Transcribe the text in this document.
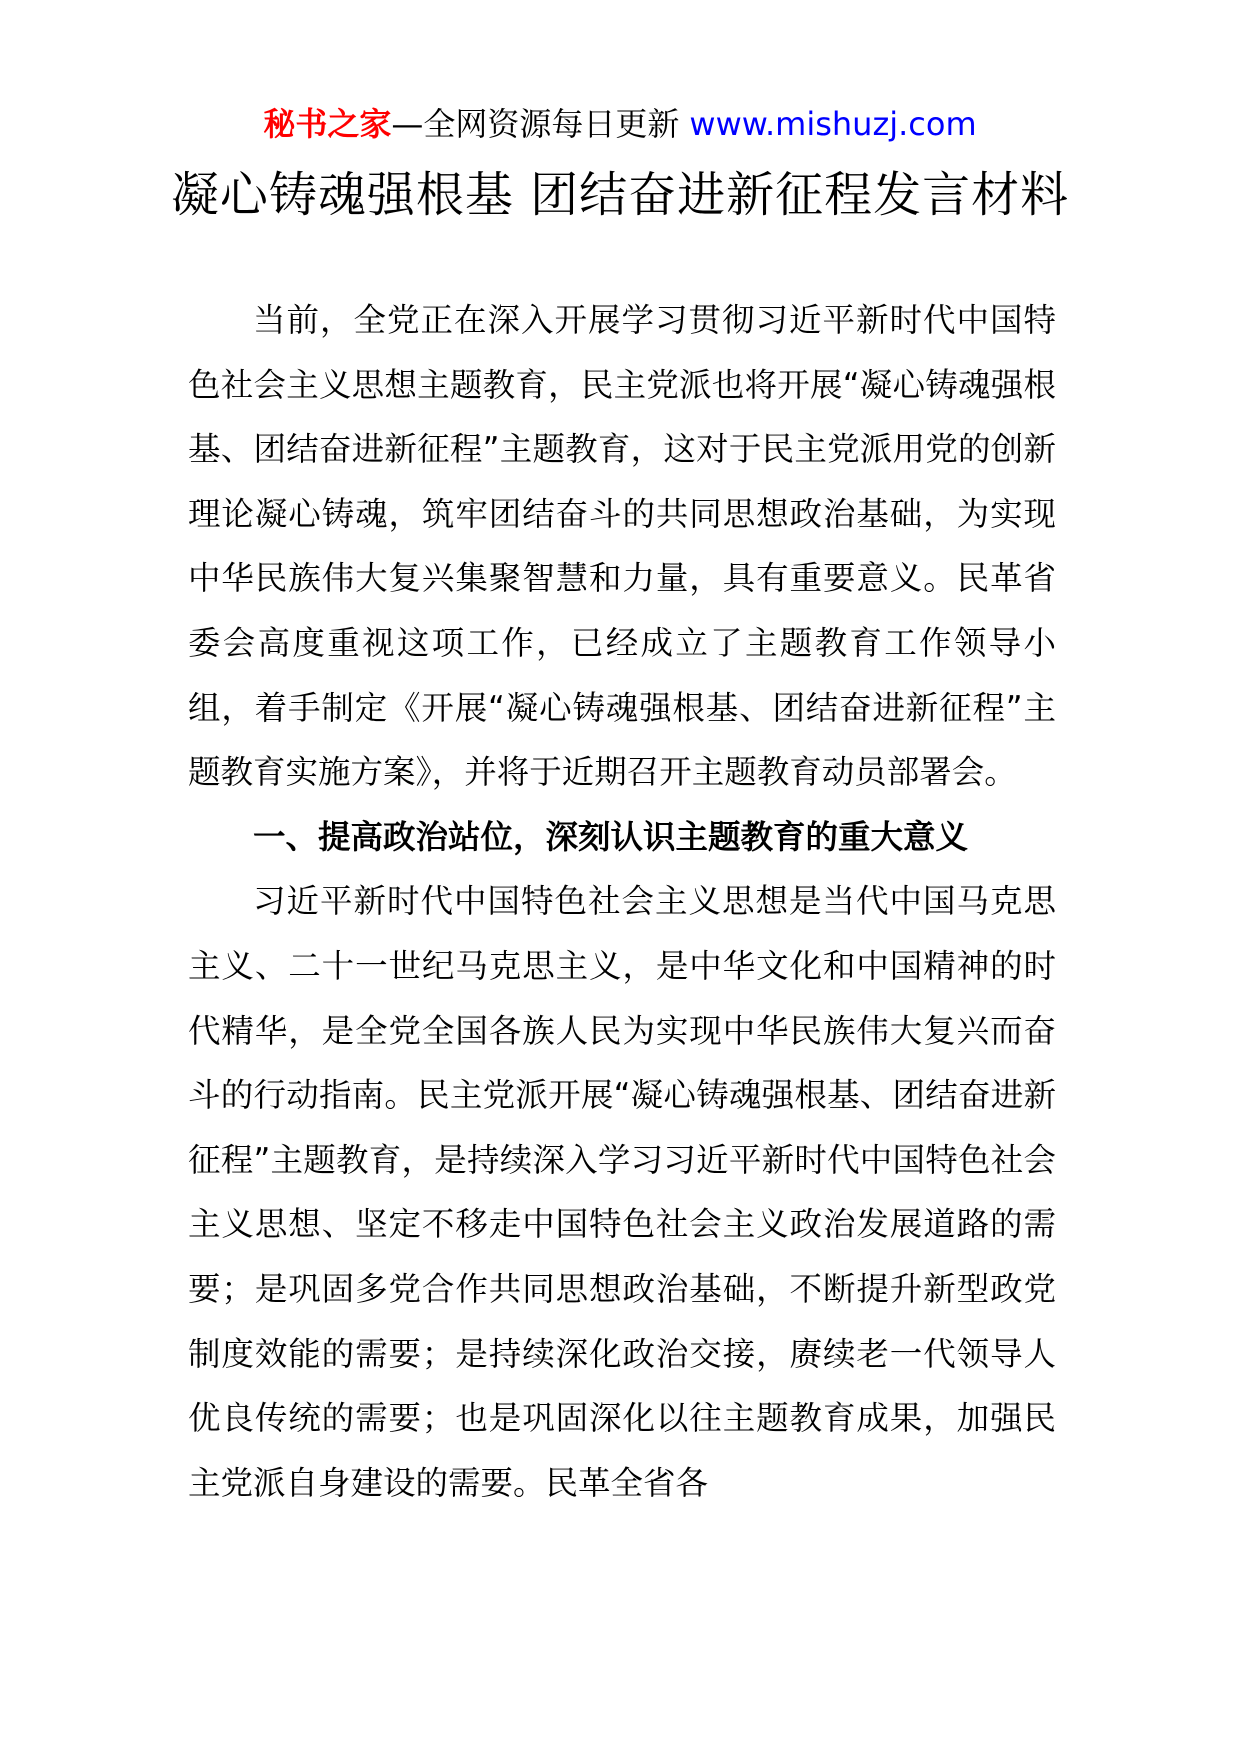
秘书之家—全网资源每日更新 www.mishuzj.com
凝心铸魂强根基 团结奋进新征程发言材料

当前，全党正在深入开展学习贯彻习近平新时代中国特色社会主义思想主题教育，民主党派也将开展“凝心铸魂强根基、团结奋进新征程”主题教育，这对于民主党派用党的创新理论凝心铸魂，筑牢团结奋斗的共同思想政治基础，为实现中华民族伟大复兴集聚智慧和力量，具有重要意义。民革省委会高度重视这项工作，已经成立了主题教育工作领导小组，着手制定《开展“凝心铸魂强根基、团结奋进新征程”主题教育实施方案》，并将于近期召开主题教育动员部署会。

一、提高政治站位，深刻认识主题教育的重大意义

习近平新时代中国特色社会主义思想是当代中国马克思主义、二十一世纪马克思主义，是中华文化和中国精神的时代精华，是全党全国各族人民为实现中华民族伟大复兴而奋斗的行动指南。民主党派开展“凝心铸魂强根基、团结奋进新征程”主题教育，是持续深入学习习近平新时代中国特色社会主义思想、坚定不移走中国特色社会主义政治发展道路的需要；是巩固多党合作共同思想政治基础，不断提升新型政党制度效能的需要；是持续深化政治交接，赓续老一代领导人优良传统的需要；也是巩固深化以往主题教育成果，加强民主党派自身建设的需要。民革全省各
